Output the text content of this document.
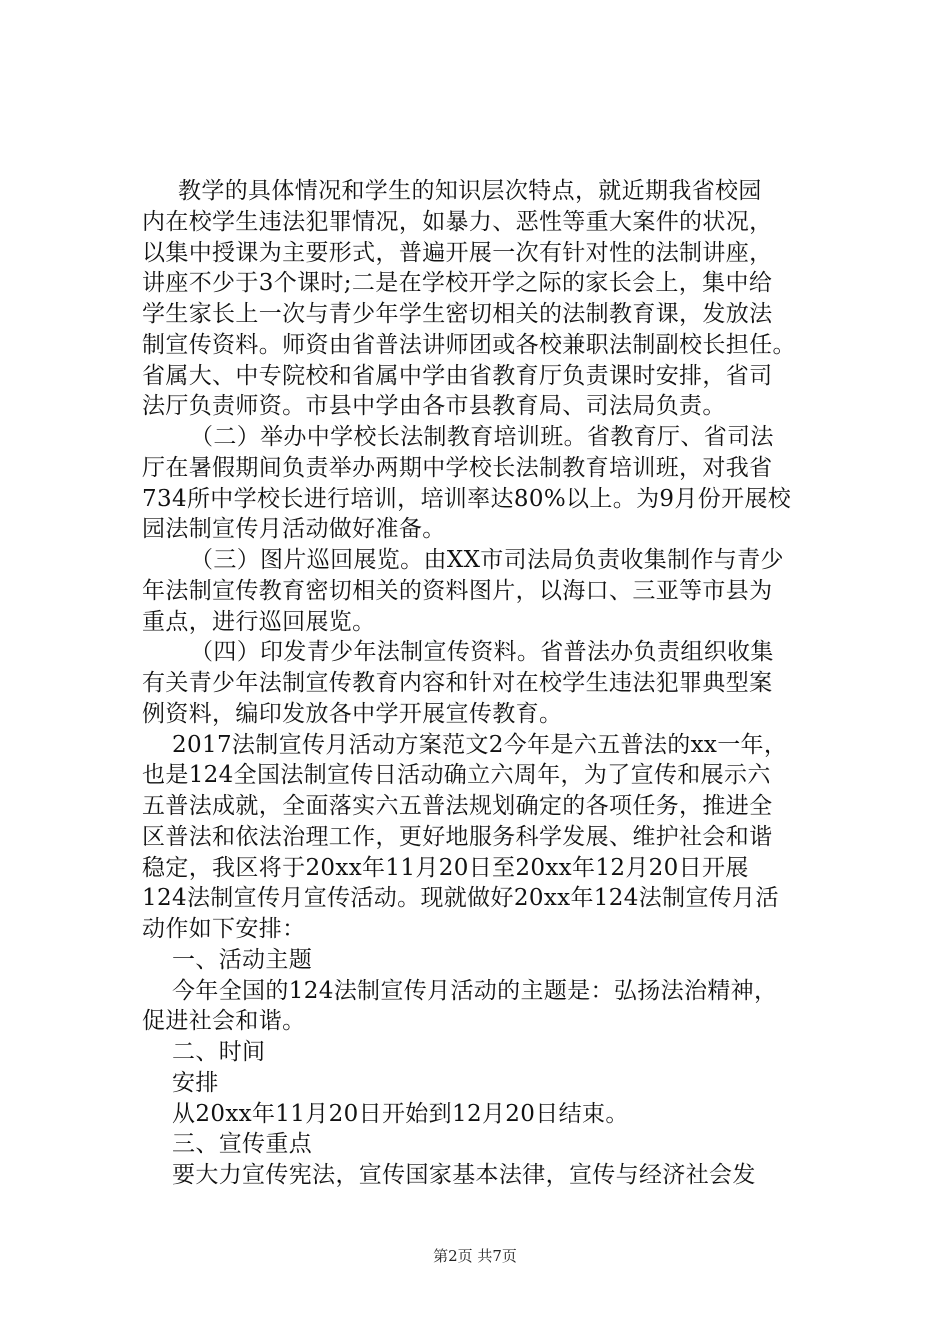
教学的具体情况和学生的知识层次特点，就近期我省校园
内在校学生违法犯罪情况，如暴力、恶性等重大案件的状况，
以集中授课为主要形式，普遍开展一次有针对性的法制讲座，
讲座不少于3个课时;二是在学校开学之际的家长会上，集中给
学生家长上一次与青少年学生密切相关的法制教育课，发放法
制宣传资料。师资由省普法讲师团或各校兼职法制副校长担任。
省属大、中专院校和省属中学由省教育厅负责课时安排，省司
法厅负责师资。市县中学由各市县教育局、司法局负责。
（二）举办中学校长法制教育培训班。省教育厅、省司法
厅在暑假期间负责举办两期中学校长法制教育培训班，对我省
734所中学校长进行培训，培训率达80%以上。为9月份开展校
园法制宣传月活动做好准备。
（三）图片巡回展览。由XX市司法局负责收集制作与青少
年法制宣传教育密切相关的资料图片，以海口、三亚等市县为
重点，进行巡回展览。
（四）印发青少年法制宣传资料。省普法办负责组织收集
有关青少年法制宣传教育内容和针对在校学生违法犯罪典型案
例资料，编印发放各中学开展宣传教育。
2017法制宣传月活动方案范文2今年是六五普法的xx一年，
也是124全国法制宣传日活动确立六周年，为了宣传和展示六
五普法成就，全面落实六五普法规划确定的各项任务，推进全
区普法和依法治理工作，更好地服务科学发展、维护社会和谐
稳定，我区将于20xx年11月20日至20xx年12月20日开展
124法制宣传月宣传活动。现就做好20xx年124法制宣传月活
动作如下安排：
一、活动主题
今年全国的124法制宣传月活动的主题是：弘扬法治精神，
促进社会和谐。
二、时间
安排
从20xx年11月20日开始到12月20日结束。
三、宣传重点
要大力宣传宪法，宣传国家基本法律，宣传与经济社会发
第2页 共7页
